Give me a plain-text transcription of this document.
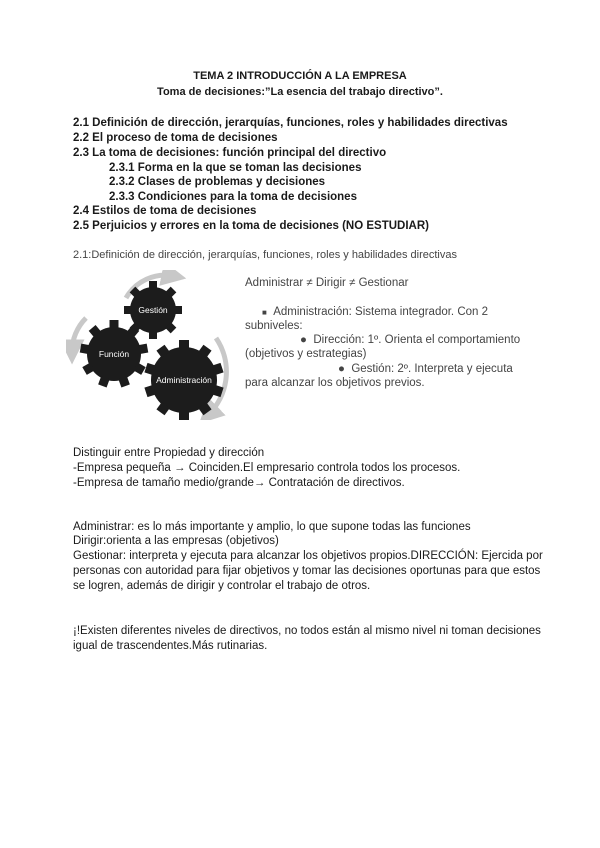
TEMA 2 INTRODUCCIÓN A LA EMPRESA
Toma de decisiones:”La esencia del trabajo directivo”.
2.1 Definición de dirección, jerarquías, funciones, roles y habilidades directivas
2.2 El proceso de toma de decisiones
2.3 La toma de decisiones: función principal del directivo
2.3.1 Forma en la que se toman las decisiones
2.3.2 Clases de problemas y decisiones
2.3.3 Condiciones para la toma de decisiones
2.4 Estilos de toma de decisiones
2.5 Perjuicios y errores en la toma de decisiones (NO ESTUDIAR)
2.1:Definición de dirección, jerarquías, funciones, roles y habilidades directivas
Gestión
Función
Administración
Administrar ≠ Dirigir ≠ Gestionar
■ Administración: Sistema integrador. Con 2
subniveles:
● Dirección: 1º. Orienta el comportamiento
(objetivos y estrategias)
● Gestión: 2º. Interpreta y ejecuta
para alcanzar los objetivos previos.
Distinguir entre Propiedad y dirección
-Empresa pequeña → Coinciden.El empresario controla todos los procesos.
-Empresa de tamaño medio/grande→ Contratación de directivos.
Administrar: es lo más importante y amplio, lo que supone todas las funciones
Dirigir:orienta a las empresas (objetivos)
Gestionar: interpreta y ejecuta para alcanzar los objetivos propios.DIRECCIÓN: Ejercida por
personas con autoridad para fijar objetivos y tomar las decisiones oportunas para que estos
se logren, además de dirigir y controlar el trabajo de otros.
¡!Existen diferentes niveles de directivos, no todos están al mismo nivel ni toman decisiones
igual de trascendentes.Más rutinarias.
